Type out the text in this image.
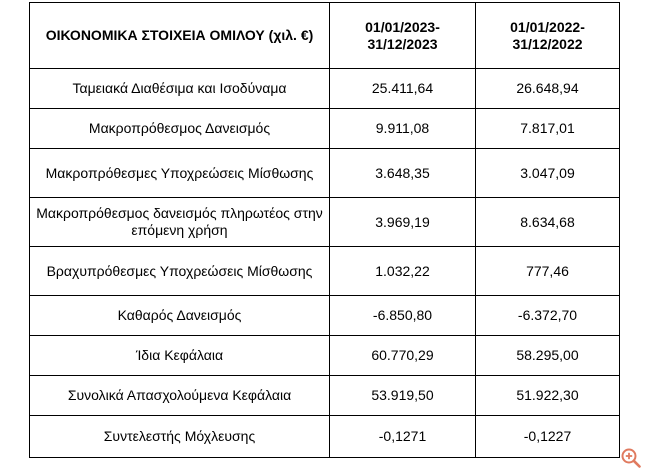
ΟΙΚΟΝΟΜΙΚΑ ΣΤΟΙΧΕΙΑ ΟΜΙΛΟΥ (χιλ. €)	01/01/2023-31/12/2023	01/01/2022-31/12/2022
Ταμειακά Διαθέσιμα και Ισοδύναμα	25.411,64	26.648,94
Μακροπρόθεσμος Δανεισμός	9.911,08	7.817,01
Μακροπρόθεσμες Υποχρεώσεις Μίσθωσης	3.648,35	3.047,09
Μακροπρόθεσμος δανεισμός πληρωτέος στην επόμενη χρήση	3.969,19	8.634,68
Βραχυπρόθεσμες Υποχρεώσεις Μίσθωσης	1.032,22	777,46
Καθαρός Δανεισμός	-6.850,80	-6.372,70
Ίδια Κεφάλαια	60.770,29	58.295,00
Συνολικά Απασχολούμενα Κεφάλαια	53.919,50	51.922,30
Συντελεστής Μόχλευσης	-0,1271	-0,1227
